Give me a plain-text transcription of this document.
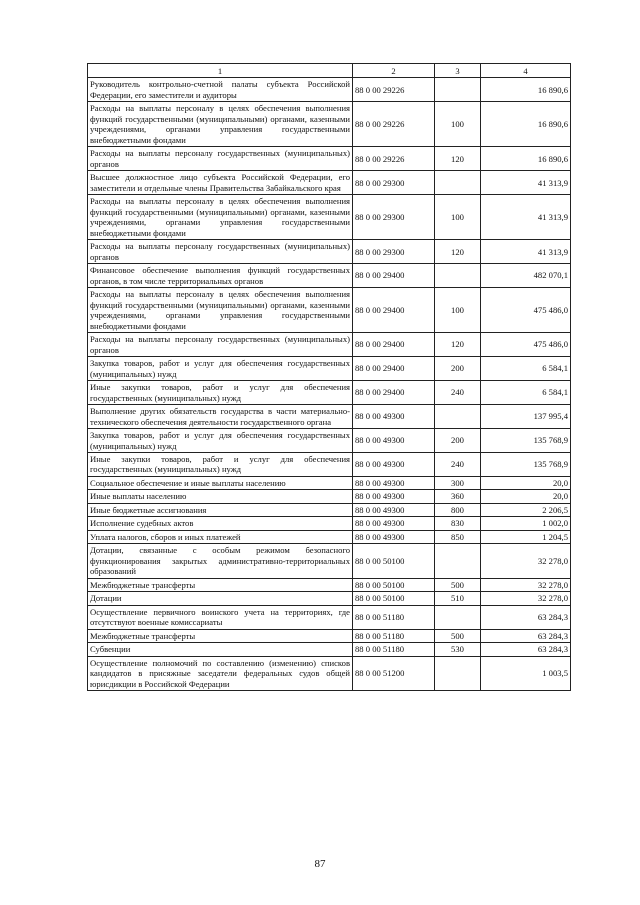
1	2	3	4
Руководитель контрольно-счетной палаты субъекта Российской Федерации, его заместители и аудиторы	88 0 00 29226		16 890,6
Расходы на выплаты персоналу в целях обеспечения выполнения функций государственными (муниципальными) органами, казенными учреждениями, органами управления государственными внебюджетными фондами	88 0 00 29226	100	16 890,6
Расходы на выплаты персоналу государственных (муниципальных) органов	88 0 00 29226	120	16 890,6
Высшее должностное лицо субъекта Российской Федерации, его заместители и отдельные члены Правительства Забайкальского края	88 0 00 29300		41 313,9
Расходы на выплаты персоналу в целях обеспечения выполнения функций государственными (муниципальными) органами, казенными учреждениями, органами управления государственными внебюджетными фондами	88 0 00 29300	100	41 313,9
Расходы на выплаты персоналу государственных (муниципальных) органов	88 0 00 29300	120	41 313,9
Финансовое обеспечение выполнения функций государственных органов, в том числе территориальных органов	88 0 00 29400		482 070,1
Расходы на выплаты персоналу в целях обеспечения выполнения функций государственными (муниципальными) органами, казенными учреждениями, органами управления государственными внебюджетными фондами	88 0 00 29400	100	475 486,0
Расходы на выплаты персоналу государственных (муниципальных) органов	88 0 00 29400	120	475 486,0
Закупка товаров, работ и услуг для обеспечения государственных (муниципальных) нужд	88 0 00 29400	200	6 584,1
Иные закупки товаров, работ и услуг для обеспечения государственных (муниципальных) нужд	88 0 00 29400	240	6 584,1
Выполнение других обязательств государства в части материально-технического обеспечения деятельности государственного органа	88 0 00 49300		137 995,4
Закупка товаров, работ и услуг для обеспечения государственных (муниципальных) нужд	88 0 00 49300	200	135 768,9
Иные закупки товаров, работ и услуг для обеспечения государственных (муниципальных) нужд	88 0 00 49300	240	135 768,9
Социальное обеспечение и иные выплаты населению	88 0 00 49300	300	20,0
Иные выплаты населению	88 0 00 49300	360	20,0
Иные бюджетные ассигнования	88 0 00 49300	800	2 206,5
Исполнение судебных актов	88 0 00 49300	830	1 002,0
Уплата налогов, сборов и иных платежей	88 0 00 49300	850	1 204,5
Дотации, связанные с особым режимом безопасного функционирования закрытых административно-территориальных образований	88 0 00 50100		32 278,0
Межбюджетные трансферты	88 0 00 50100	500	32 278,0
Дотации	88 0 00 50100	510	32 278,0
Осуществление первичного воинского учета на территориях, где отсутствуют военные комиссариаты	88 0 00 51180		63 284,3
Межбюджетные трансферты	88 0 00 51180	500	63 284,3
Субвенции	88 0 00 51180	530	63 284,3
Осуществление полномочий по составлению (изменению) списков кандидатов в присяжные заседатели федеральных судов общей юрисдикции в Российской Федерации	88 0 00 51200		1 003,5
87
